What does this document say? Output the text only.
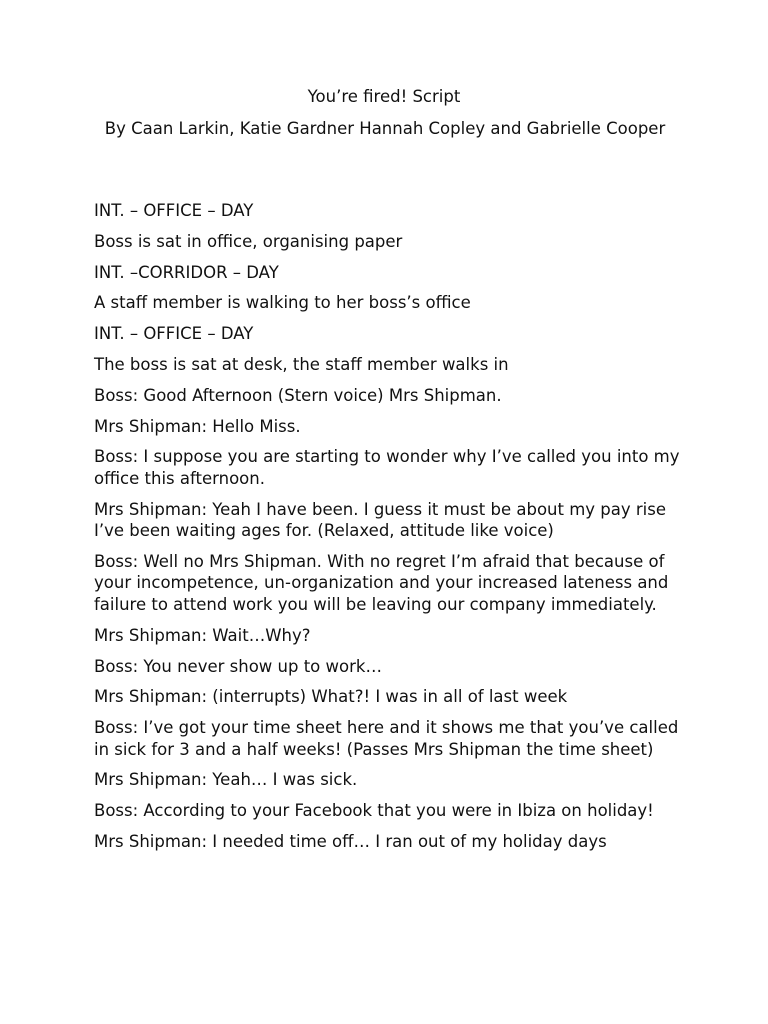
You’re fired! Script
By Caan Larkin, Katie Gardner Hannah Copley and Gabrielle Cooper

INT. – OFFICE – DAY

Boss is sat in office, organising paper

INT. –CORRIDOR – DAY

A staff member is walking to her boss’s office

INT. – OFFICE – DAY

The boss is sat at desk, the staff member walks in

Boss: Good Afternoon (Stern voice) Mrs Shipman.

Mrs Shipman: Hello Miss.

Boss: I suppose you are starting to wonder why I’ve called you into my office this afternoon.

Mrs Shipman: Yeah I have been. I guess it must be about my pay rise I’ve been waiting ages for. (Relaxed, attitude like voice)

Boss: Well no Mrs Shipman. With no regret I’m afraid that because of your incompetence, un-organization and your increased lateness and failure to attend work you will be leaving our company immediately.

Mrs Shipman: Wait…Why?

Boss: You never show up to work…

Mrs Shipman: (interrupts) What?! I was in all of last week

Boss: I’ve got your time sheet here and it shows me that you’ve called in sick for 3 and a half weeks! (Passes Mrs Shipman the time sheet)

Mrs Shipman: Yeah… I was sick.

Boss: According to your Facebook that you were in Ibiza on holiday!

Mrs Shipman: I needed time off… I ran out of my holiday days
